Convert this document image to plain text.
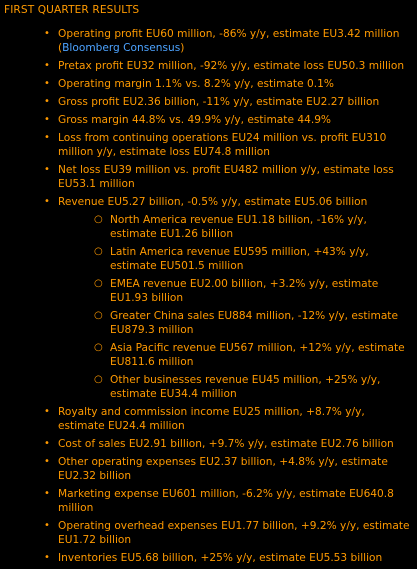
FIRST QUARTER RESULTS
• Operating profit EU60 million, -86% y/y, estimate EU3.42 million (Bloomberg Consensus)
• Pretax profit EU32 million, -92% y/y, estimate loss EU50.3 million
• Operating margin 1.1% vs. 8.2% y/y, estimate 0.1%
• Gross profit EU2.36 billion, -11% y/y, estimate EU2.27 billion
• Gross margin 44.8% vs. 49.9% y/y, estimate 44.9%
• Loss from continuing operations EU24 million vs. profit EU310 million y/y, estimate loss EU74.8 million
• Net loss EU39 million vs. profit EU482 million y/y, estimate loss EU53.1 million
• Revenue EU5.27 billion, -0.5% y/y, estimate EU5.06 billion
○ North America revenue EU1.18 billion, -16% y/y, estimate EU1.26 billion
○ Latin America revenue EU595 million, +43% y/y, estimate EU501.5 million
○ EMEA revenue EU2.00 billion, +3.2% y/y, estimate EU1.93 billion
○ Greater China sales EU884 million, -12% y/y, estimate EU879.3 million
○ Asia Pacific revenue EU567 million, +12% y/y, estimate EU811.6 million
○ Other businesses revenue EU45 million, +25% y/y, estimate EU34.4 million
• Royalty and commission income EU25 million, +8.7% y/y, estimate EU24.4 million
• Cost of sales EU2.91 billion, +9.7% y/y, estimate EU2.76 billion
• Other operating expenses EU2.37 billion, +4.8% y/y, estimate EU2.32 billion
• Marketing expense EU601 million, -6.2% y/y, estimate EU640.8 million
• Operating overhead expenses EU1.77 billion, +9.2% y/y, estimate EU1.72 billion
• Inventories EU5.68 billion, +25% y/y, estimate EU5.53 billion
